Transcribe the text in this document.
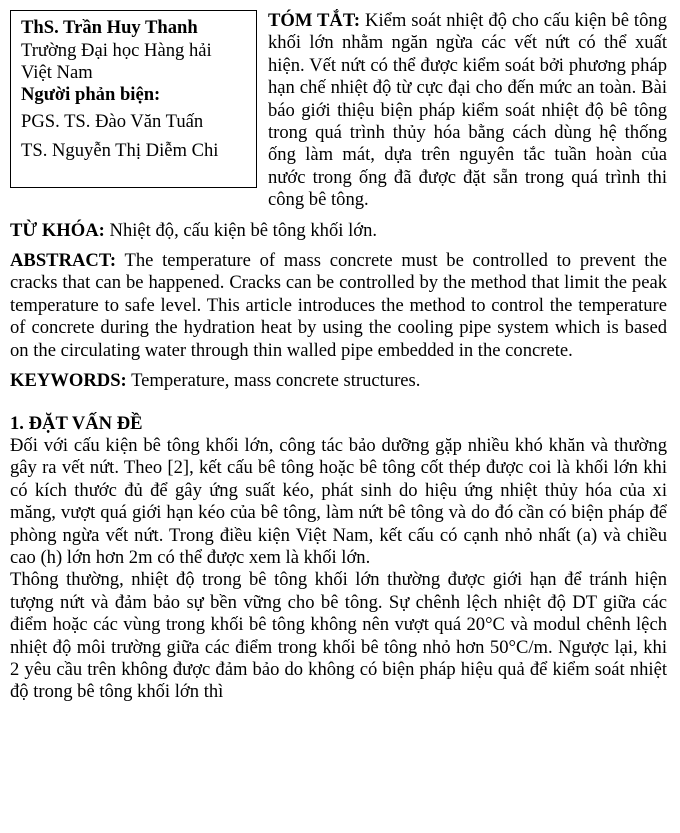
ThS. Trần Huy Thanh
Trường Đại học Hàng hải Việt Nam
Người phản biện:
PGS. TS. Đào Văn Tuấn
TS. Nguyễn Thị Diễm Chi

TÓM TẮT: Kiểm soát nhiệt độ cho cấu kiện bê tông khối lớn nhằm ngăn ngừa các vết nứt có thể xuất hiện. Vết nứt có thể được kiểm soát bởi phương pháp hạn chế nhiệt độ từ cực đại cho đến mức an toàn. Bài báo giới thiệu biện pháp kiểm soát nhiệt độ bê tông trong quá trình thủy hóa bằng cách dùng hệ thống ống làm mát, dựa trên nguyên tắc tuần hoàn của nước trong ống đã được đặt sẵn trong quá trình thi công bê tông.

TỪ KHÓA: Nhiệt độ, cấu kiện bê tông khối lớn.

ABSTRACT: The temperature of mass concrete must be controlled to prevent the cracks that can be happened. Cracks can be controlled by the method that limit the peak temperature to safe level. This article introduces the method to control the temperature of concrete during the hydration heat by using the cooling pipe system which is based on the circulating water through thin walled pipe embedded in the concrete.

KEYWORDS: Temperature, mass concrete structures.

1. ĐẶT VẤN ĐỀ

Đối với cấu kiện bê tông khối lớn, công tác bảo dưỡng gặp nhiều khó khăn và thường gây ra vết nứt. Theo [2], kết cấu bê tông hoặc bê tông cốt thép được coi là khối lớn khi có kích thước đủ để gây ứng suất kéo, phát sinh do hiệu ứng nhiệt thủy hóa của xi măng, vượt quá giới hạn kéo của bê tông, làm nứt bê tông và do đó cần có biện pháp để phòng ngừa vết nứt. Trong điều kiện Việt Nam, kết cấu có cạnh nhỏ nhất (a) và chiều cao (h) lớn hơn 2m có thể được xem là khối lớn.

Thông thường, nhiệt độ trong bê tông khối lớn thường được giới hạn để tránh hiện tượng nứt và đảm bảo sự bền vững cho bê tông. Sự chênh lệch nhiệt độ DT giữa các điểm hoặc các vùng trong khối bê tông không nên vượt quá 20°C và modul chênh lệch nhiệt độ môi trường giữa các điểm trong khối bê tông nhỏ hơn 50°C/m. Ngược lại, khi 2 yêu cầu trên không được đảm bảo do không có biện pháp hiệu quả để kiểm soát nhiệt độ trong bê tông khối lớn thì
